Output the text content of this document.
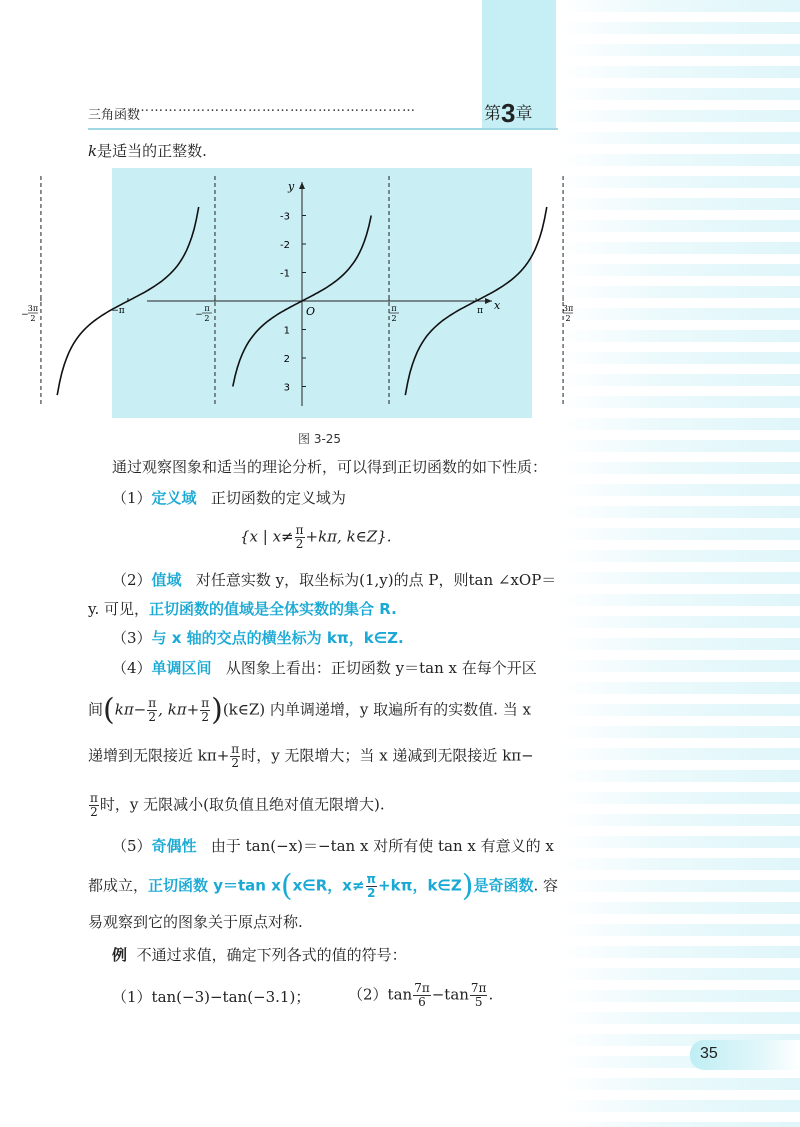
三角函数
……………………………………………………	第3章
k是适当的正整数.
x
y
O
3
2
1
-1
-2
-3
−
3π
2
−π	−
π
2
π
2
π	3π
2
图 3-25
通过观察图象和适当的理论分析，可以得到正切函数的如下性质：
（1）定义域 正切函数的定义域为
{x | $x\ne \frac{\pi}{2} +k\pi$, k∈Z}.
（2）值域 对任意实数 y，取坐标为(1,y)的点 P，则tan ∠xOP＝
y. 可见，正切函数的值域是全体实数的集合 R.
（3）与 x 轴的交点的横坐标为 kπ，k∈Z.
（4）单调区间 从图象上看出：正切函数 y＝tan x 在每个开区
间($k\pi- \frac{\pi}{2}$ , $k\pi+ \frac{\pi}{2}$ )(k∈Z) 内单调递增，y 取遍所有的实数值. 当 x
递增到无限接近 $k\pi+ \frac{\pi}{2}$ 时，y 无限增大；当 x 递减到无限接近 kπ−
$\frac{\pi}{2}$ 时，y 无限减小(取负值且绝对值无限增大).
（5）奇偶性 由于 tan(−x)＝−tan x 对所有使 tan x 有意义的 x
都成立，正切函数 y＝tan x(x∈R，$x\ne \frac{\pi}{2} +k\pi$，k∈Z)是奇函数. 容
易观察到它的图象关于原点对称.
例 不通过求值，确定下列各式的值的符号：
（1）tan(−3)−tan(−3.1)；	$(2)\tan \frac{7\pi}{6} -\tan \frac{7\pi}{5}$ .
35
